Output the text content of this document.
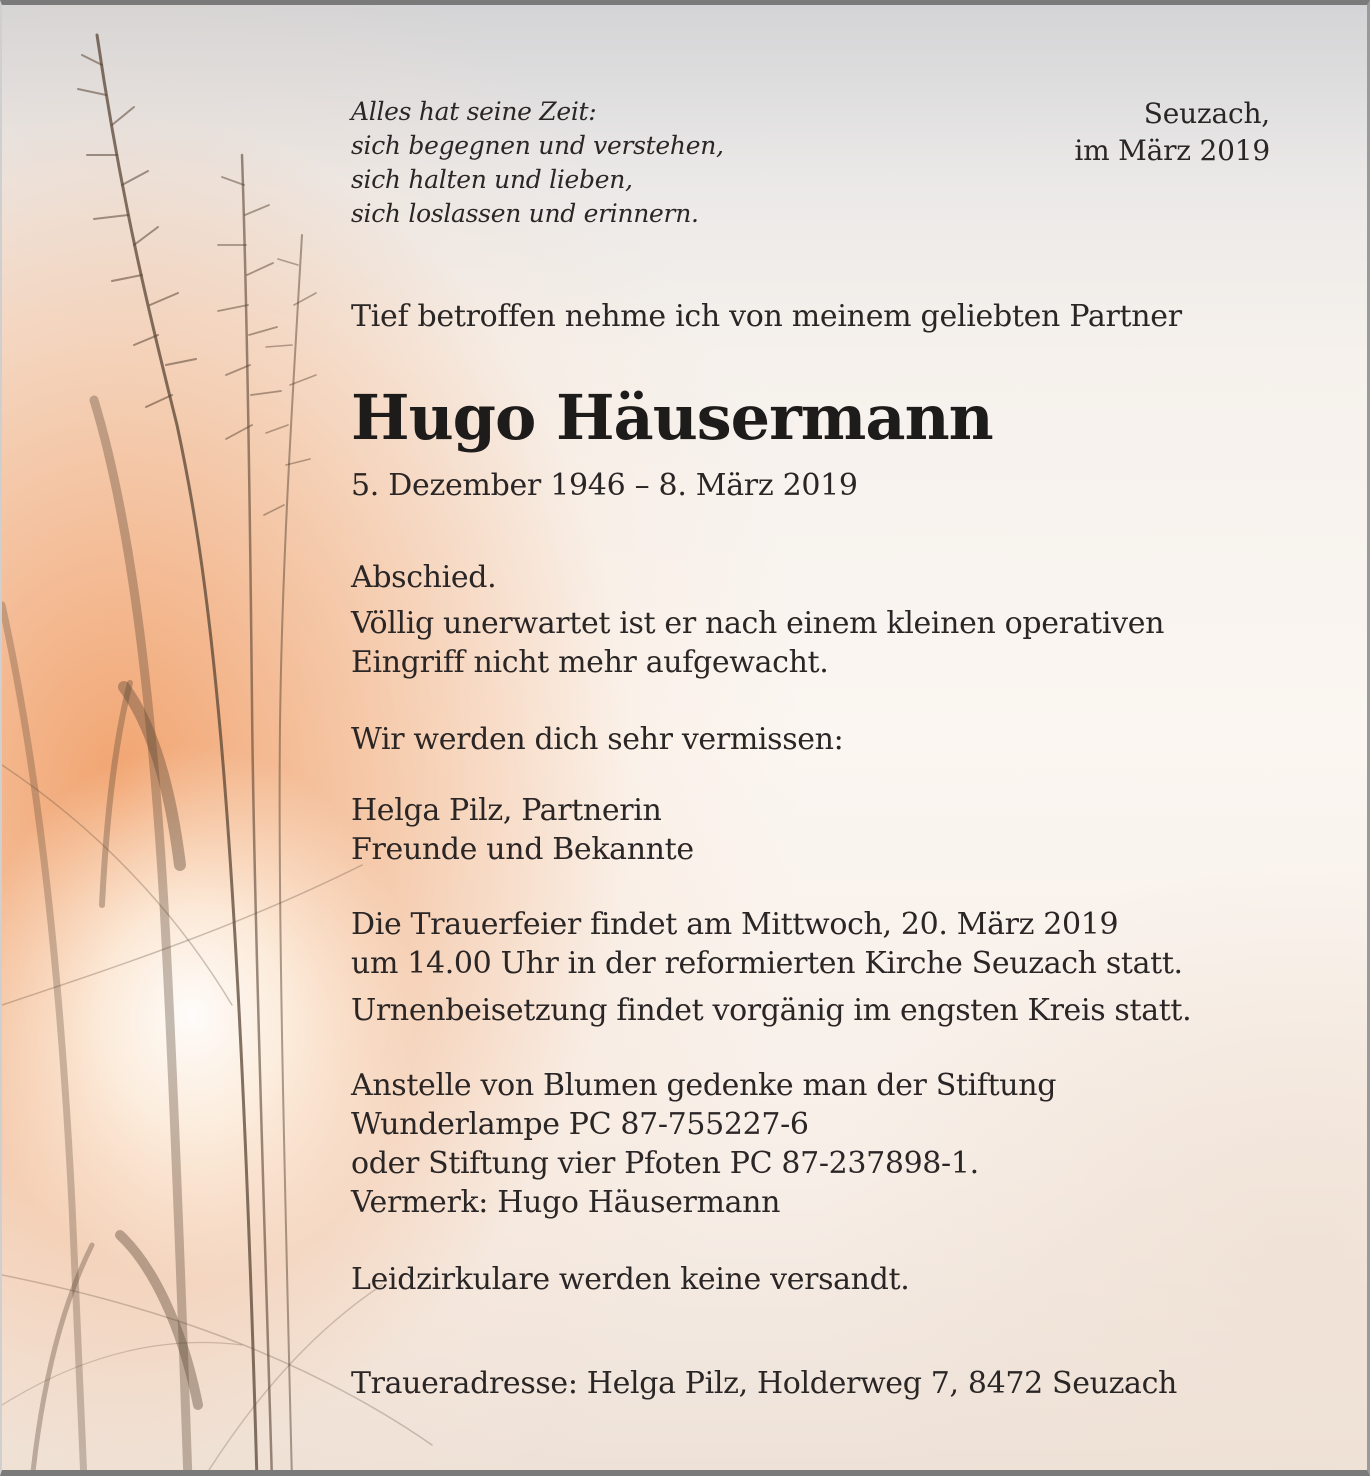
Alles hat seine Zeit:
sich begegnen und verstehen,
sich halten und lieben,
sich loslassen und erinnern.
Seuzach,
im März 2019
Tief betroffen nehme ich von meinem geliebten Partner
Hugo Häusermann
5. Dezember 1946 – 8. März 2019
Abschied.
Völlig unerwartet ist er nach einem kleinen operativen
Eingriff nicht mehr aufgewacht.
Wir werden dich sehr vermissen:
Helga Pilz, Partnerin
Freunde und Bekannte
Die Trauerfeier findet am Mittwoch, 20. März 2019
um 14.00 Uhr in der reformierten Kirche Seuzach statt.
Urnenbeisetzung findet vorgänig im engsten Kreis statt.
Anstelle von Blumen gedenke man der Stiftung
Wunderlampe PC 87-755227-6
oder Stiftung vier Pfoten PC 87-237898-1.
Vermerk: Hugo Häusermann
Leidzirkulare werden keine versandt.
Traueradresse: Helga Pilz, Holderweg 7, 8472 Seuzach
